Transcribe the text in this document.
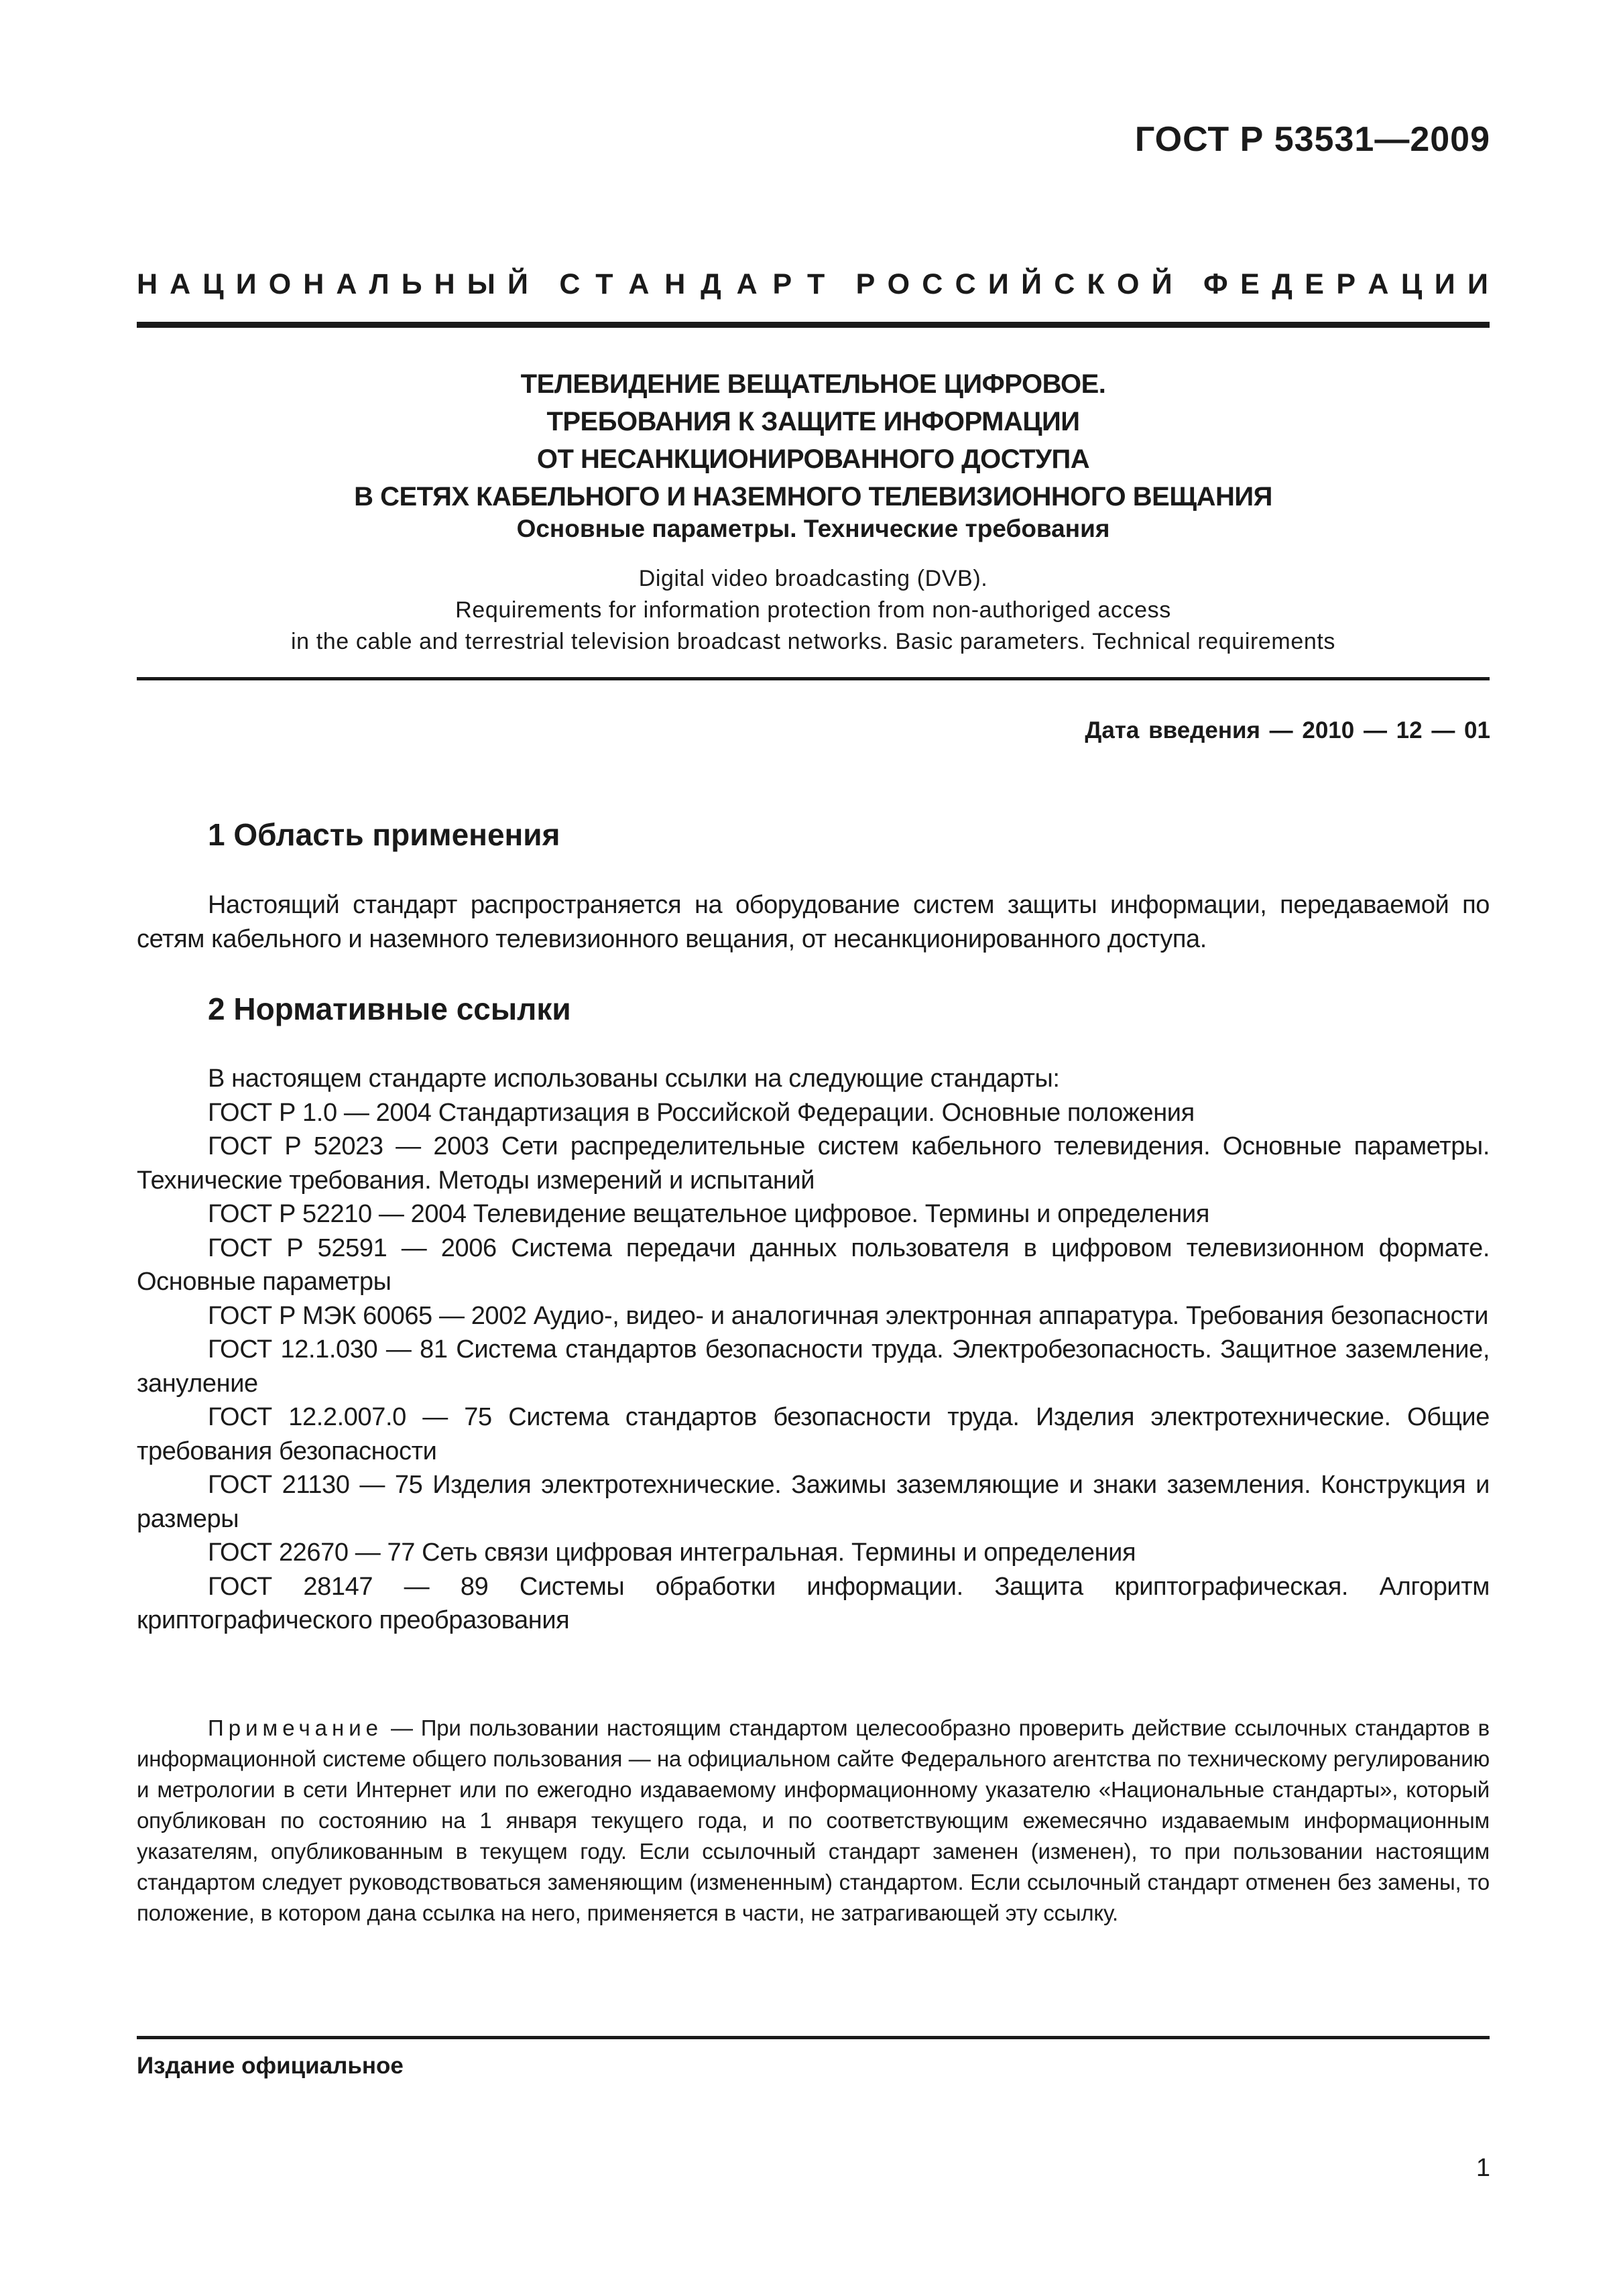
ГОСТ Р 53531—2009
Н А Ц И О Н А Л Ь Н Ы Й С Т А Н Д А Р Т Р О С С И Й С К О Й Ф Е Д Е Р А Ц И И
ТЕЛЕВИДЕНИЕ ВЕЩАТЕЛЬНОЕ ЦИФРОВОЕ.
ТРЕБОВАНИЯ К ЗАЩИТЕ ИНФОРМАЦИИ
ОТ НЕСАНКЦИОНИРОВАННОГО ДОСТУПА
В СЕТЯХ КАБЕЛЬНОГО И НАЗЕМНОГО ТЕЛЕВИЗИОННОГО ВЕЩАНИЯ
Основные параметры. Технические требования
Digital video broadcasting (DVB).
Requirements for information protection from non-authoriged access
in the cable and terrestrial television broadcast networks. Basic parameters. Technical requirements
Дата введения — 2010 — 12 — 01
1 Область применения

Настоящий стандарт распространяется на оборудование систем защиты информации, передаваемой по сетям кабельного и наземного телевизионного вещания, от несанкционированного доступа.

2 Нормативные ссылки

В настоящем стандарте использованы ссылки на следующие стандарты:

ГОСТ Р 1.0 — 2004 Стандартизация в Российской Федерации. Основные положения

ГОСТ Р 52023 — 2003 Сети распределительные систем кабельного телевидения. Основные параметры. Технические требования. Методы измерений и испытаний

ГОСТ Р 52210 — 2004 Телевидение вещательное цифровое. Термины и определения

ГОСТ Р 52591 — 2006 Система передачи данных пользователя в цифровом телевизионном формате. Основные параметры

ГОСТ Р МЭК 60065 — 2002 Аудио-, видео- и аналогичная электронная аппаратура. Требования безопасности

ГОСТ 12.1.030 — 81 Система стандартов безопасности труда. Электробезопасность. Защитное заземление, зануление

ГОСТ 12.2.007.0 — 75 Система стандартов безопасности труда. Изделия электротехнические. Общие требования безопасности

ГОСТ 21130 — 75 Изделия электротехнические. Зажимы заземляющие и знаки заземления. Конструкция и размеры

ГОСТ 22670 — 77 Сеть связи цифровая интегральная. Термины и определения

ГОСТ 28147 — 89 Системы обработки информации. Защита криптографическая. Алгоритм криптографического преобразования

Примечание — При пользовании настоящим стандартом целесообразно проверить действие ссылочных стандартов в информационной системе общего пользования — на официальном сайте Федерального агентства по техническому регулированию и метрологии в сети Интернет или по ежегодно издаваемому информационному указателю «Национальные стандарты», который опубликован по состоянию на 1 января текущего года, и по соответствующим ежемесячно издаваемым информационным указателям, опубликованным в текущем году. Если ссылочный стандарт заменен (изменен), то при пользовании настоящим стандартом следует руководствоваться заменяющим (измененным) стандартом. Если ссылочный стандарт отменен без замены, то положение, в котором дана ссылка на него, применяется в части, не затрагивающей эту ссылку.
Издание официальное
1
